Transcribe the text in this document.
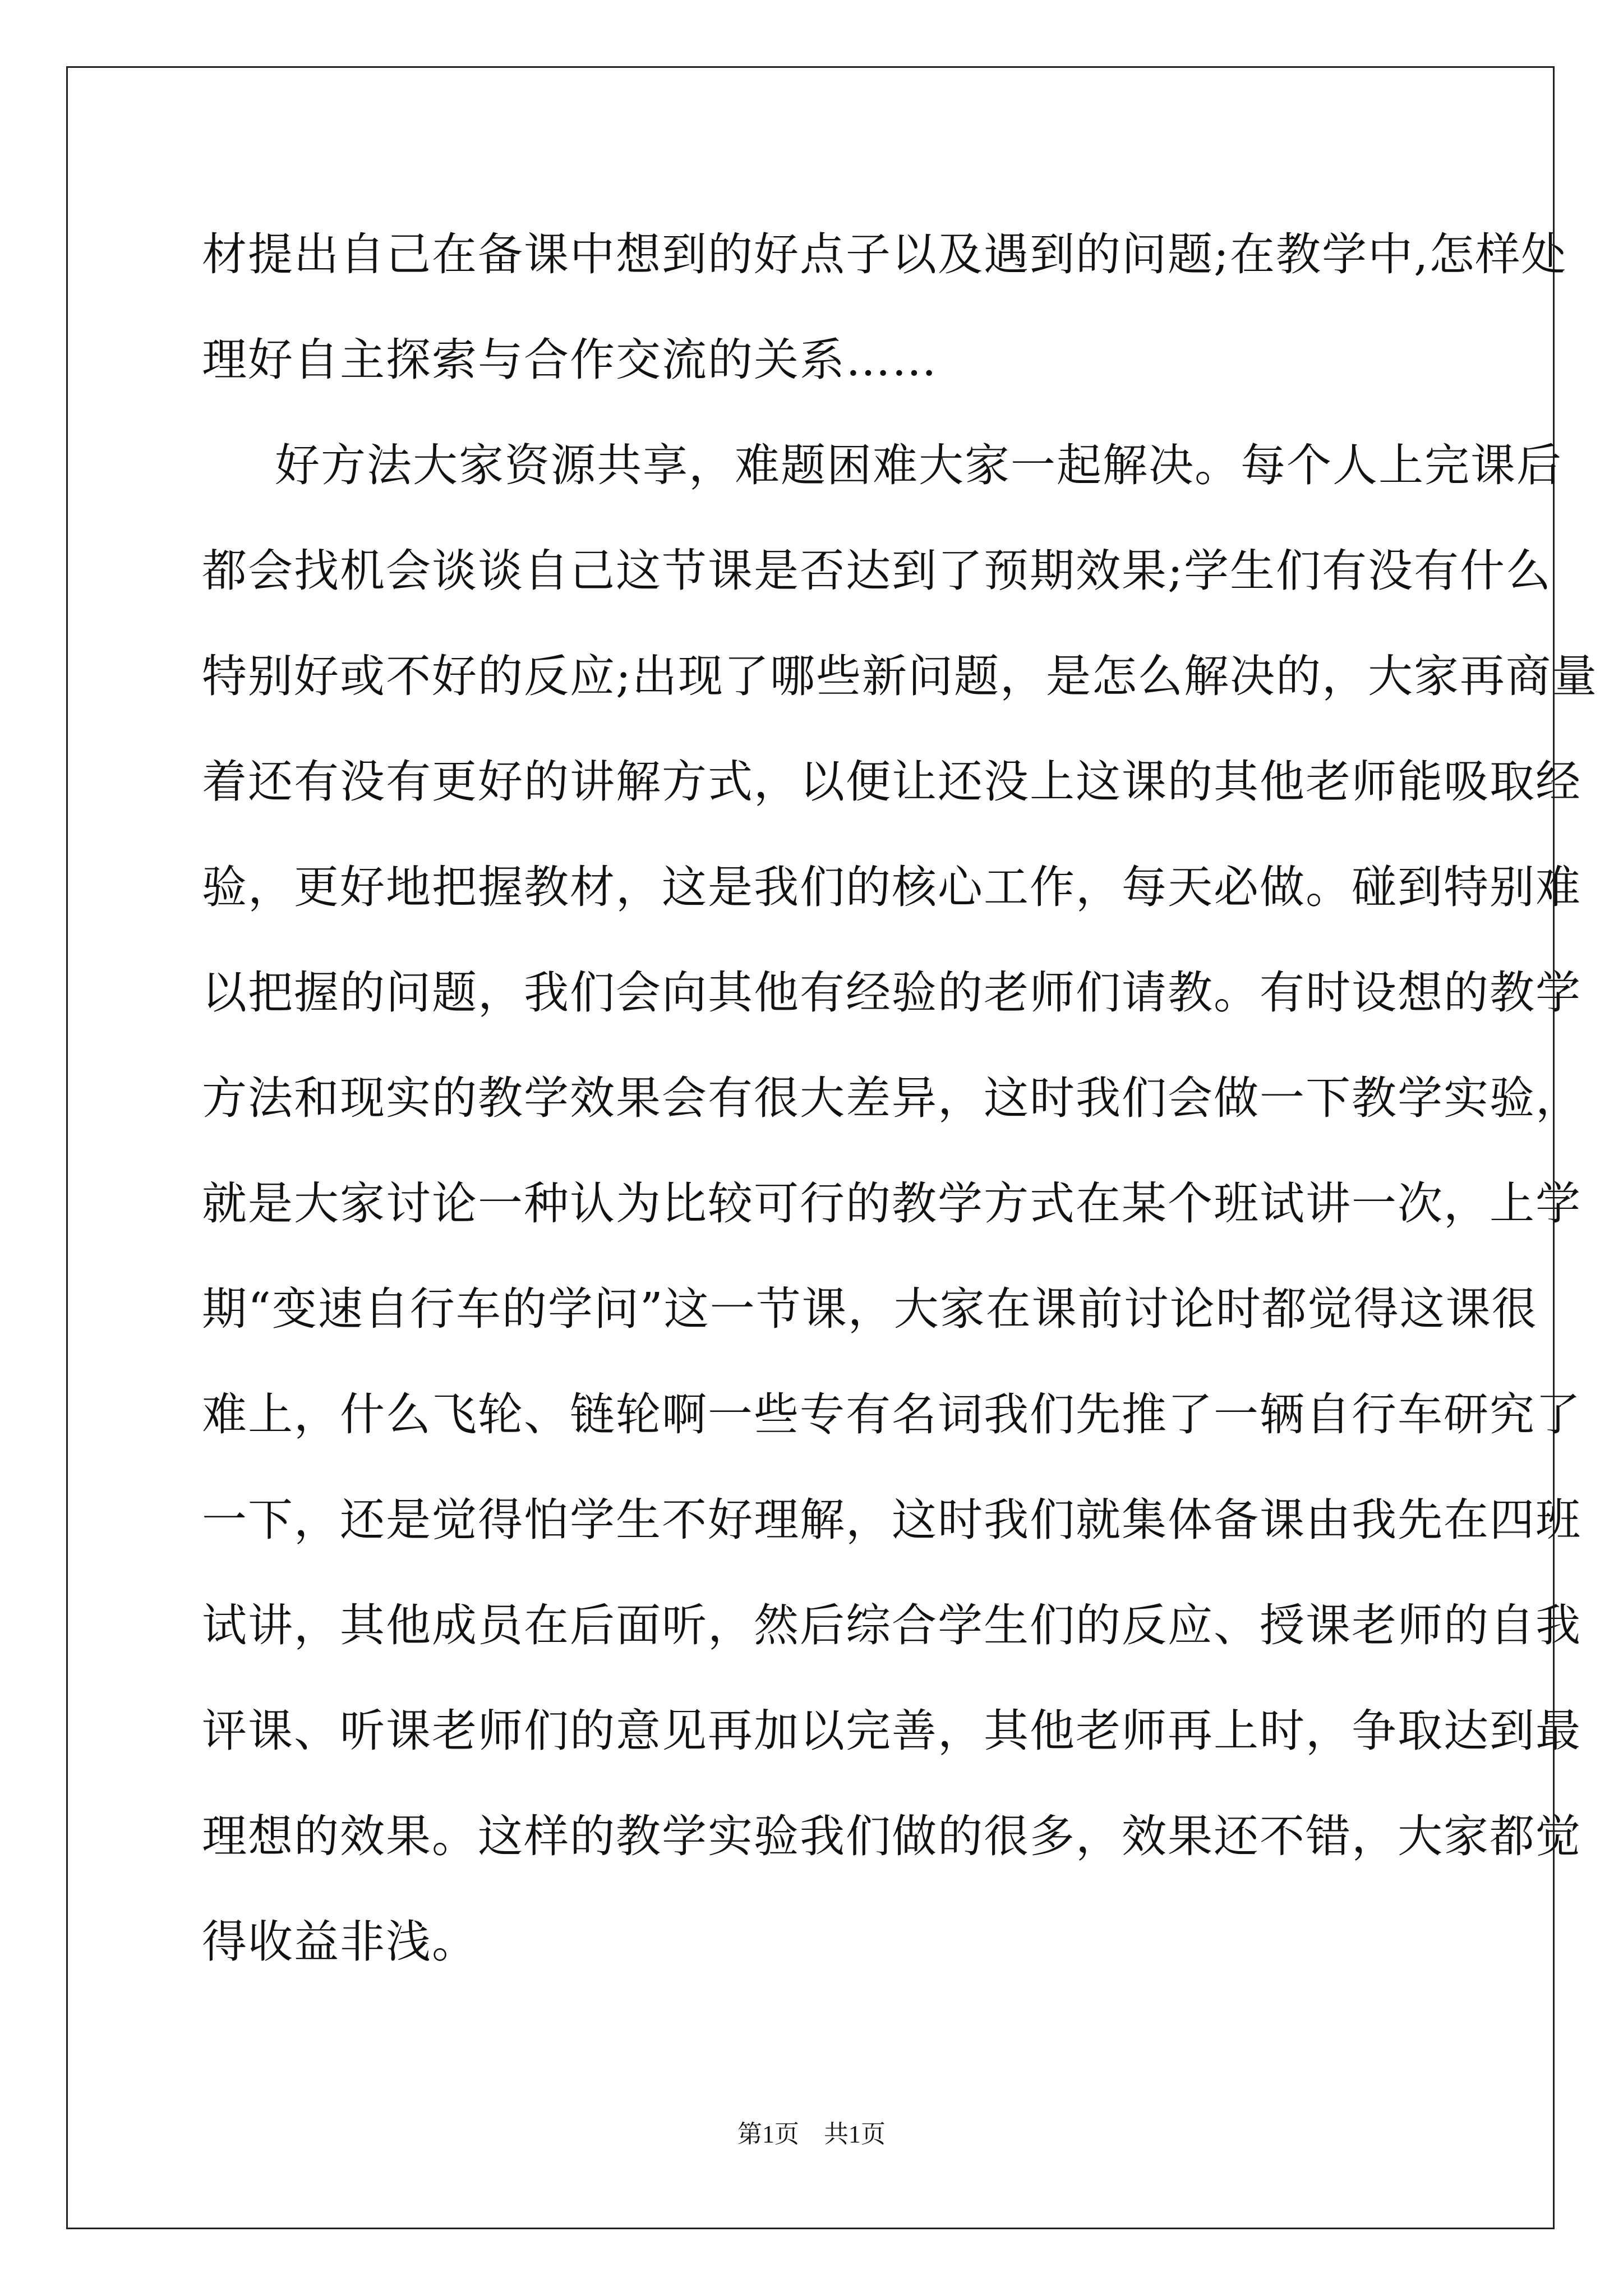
材提出自己在备课中想到的好点子以及遇到的问题;在教学中,怎样处
理好自主探索与合作交流的关系……
好方法大家资源共享，难题困难大家一起解决。每个人上完课后
都会找机会谈谈自己这节课是否达到了预期效果;学生们有没有什么
特别好或不好的反应;出现了哪些新问题，是怎么解决的，大家再商量
着还有没有更好的讲解方式，以便让还没上这课的其他老师能吸取经
验，更好地把握教材，这是我们的核心工作，每天必做。碰到特别难
以把握的问题，我们会向其他有经验的老师们请教。有时设想的教学
方法和现实的教学效果会有很大差异，这时我们会做一下教学实验，
就是大家讨论一种认为比较可行的教学方式在某个班试讲一次，上学
期“变速自行车的学问”这一节课，大家在课前讨论时都觉得这课很
难上，什么飞轮、链轮啊一些专有名词我们先推了一辆自行车研究了
一下，还是觉得怕学生不好理解，这时我们就集体备课由我先在四班
试讲，其他成员在后面听，然后综合学生们的反应、授课老师的自我
评课、听课老师们的意见再加以完善，其他老师再上时，争取达到最
理想的效果。这样的教学实验我们做的很多，效果还不错，大家都觉
得收益非浅。
第1页　共1页
